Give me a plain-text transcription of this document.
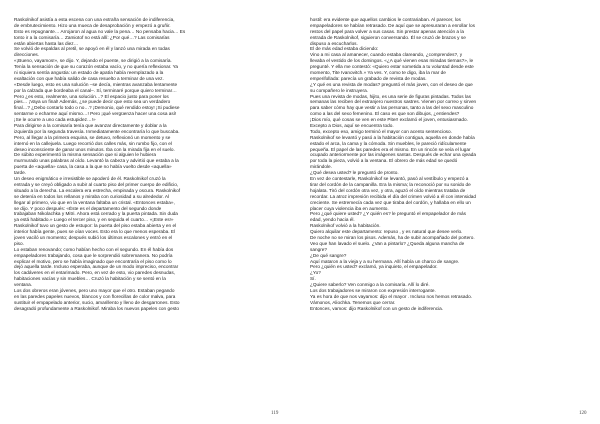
Raskolnikof asistía a esta escena con una extraña sensación de indiferencia,
de embrutecimiento. Hizo una mueca de desaprobación y empezó a gruñir.
Esto es repugnante… Arrojaron al agua no vale la pena… No pensaba hacia… Es
tonto ir a la comisaría… Zamiotof no está allí: ¿Por qué…? Las comisarías
están abiertas hasta las diez…
Se volvió de espaldas al pretil, se apoyó en él y lanzó una mirada en todas
direcciones.
«¡Bueno, vayamos!», se dijo. Y, dejando el puente, se dirigió a la comisaría.
Tenía la sensación de que su corazón estaba vacío, y no quería reflexionar. Ya
ni siquiera sentía angustia: un estado de apatía había reemplazado a la
exaltación con que había salido de casa resuelto a terminar de una vez.
«Desde luego, esto es una solución –se decía, mientras avanzaba lentamente
por la calzada que bordeaba el canal–. Sí, terminaré porque quiero terminar…
Pero ¿es esto, realmente, una solución…? El espacio justo para poner los
pies… ¡Vaya un final! Además, ¿se puede decir que esto sea un verdadero
final…? ¿Debo contarlo todo o no…? ¡Demonio, qué rendido estoy! ¡Si pudiese
sentarme o echarme aquí mismo…! Pero ¡qué vergüenza hacer una cosa así!
¡Se le ocurre a uno cada estupidez…!»
Para dirigirse a la comisaría tenía que avanzar directamente y doblar a la
izquierda por la segunda travesía. Inmediatamente encontraría lo que buscaba.
Pero, al llegar a la primera esquina, se detuvo, reflexionó un momento y se
internó en la callejuela. Luego recorrió dos calles más, sin rumbo fijo, con el
deseo inconsciente de ganar unos minutos. Iba con la mirada fija en el suelo.
De súbito experimentó la misma sensación que si alguien le hubiera
murmurado unas palabras al oído. Levantó la cabeza y advirtió que estaba a la
puerta de «aquella» casa, la casa a la que no había vuelto desde «aquella»
tarde.
Un deseo enigmático e irresistible se apoderó de él. Raskolnikof cruzó la
entrada y se creyó obligado a subir al cuarto piso del primer cuerpo de edificio,
situado a la derecha. La escalera era estrecha, empinada y oscura. Raskolnikof
se detenía en todos los rellanos y miraba con curiosidad a su alrededor. Al
llegar al primero, vio que en la ventana faltaba un cristal. «Entonces estaba»,
se dijo. Y poco después: «Éste es el departamento del segundo donde
trabajaban Nikolachka y Mitri. Ahora está cerrado y la puerta pintada. Sin duda
ya está habitado.» Luego el tercer piso, y en seguida el cuarto… «¡Este es!»
Raskolnikof tuvo un gesto de estupor: la puerta del piso estaba abierta y en el
interior había gente, pues se oían voces. Esto era lo que menos esperaba. El
joven vaciló un momento; después subió los últimos escalones y entró en el
piso.
Lo estaban renovando; como habían hecho con el segundo. En él había dos
empapeladores trabajando, cosa que le sorprendió sobremanera. No podría
explicar el motivo, pero se había imaginado que encontraría el piso como lo
dejó aquella tarde. Incluso esperaba, aunque de un modo impreciso, encontrar
los cadáveres en el entarimado. Pero, en vez de esto, vio paredes desnudas,
habitaciones vacías y sin muebles… Cruzó la habitación y se sentó en la
ventana.
Los dos obreros eran jóvenes, pero uno mayor que el otro. Estaban pegando
en las paredes papeles nuevos, blancos y con florecillas de color malva, para
sustituir el empapelado anterior, sucio, amarillento y lleno de desgarrones. Esto
desagradó profundamente a Raskolnikof. Miraba los nuevos papeles con gesto
119
hostil: era evidente que aquellos cambios le contrariaban. Al parecer, los
empapeladores se habían retrasado. De aquí que se apresuraran a enrollar los
restos del papel para volver a sus casas. Sin prestar apenas atención a la
entrada de Raskolnikof, siguieron conversando. Él se cruzó de brazos y se
dispuso a escucharlos.
El de más edad estaba diciendo:
Vino a mi casa al amanecer, cuando estaba clareando, ¿comprendes?, y
llevaba el vestido de los domingos. «¿A qué vienen esas miradas tiernas?», le
pregunté. Y ella me contestó: «Quiero estar sometida a tu voluntad desde este
momento, Tite Ivanovitch.» Ya ves. Y, como te digo, iba la mar de
emperifollada: parecía un grabado de revista de modas.
¿Y qué es una revista de modas? preguntó el más joven, con el deseo de que
su compañero le instruyera.
Pues una revista de modas, hijito, es una serie de figuras pintadas. Todos las
semanas las reciben del extranjero nuestros sastres. Vienen por correo y sirven
para saber cómo hay que vestir a las personas, tanto a las del sexo masculino
como a las del sexo femenino. El caso es que son dibujos, ¿entiendes?
¡Dios mío, qué cosas se ven en este Piter! exclamó el joven, entusiasmado.
Excepto a Dios, aquí se encuentra todo.
Todo, excepto eso, amigo terminó el mayor con acento sentencioso.
Raskolnikof se levantó y pasó a la habitación contigua, aquella en donde había
estado el arca, la cama y la cómoda. Sin muebles, le pareció ridículamente
pequeña. El papel de las paredes era el mismo. En un rincón se veía el lugar
ocupado anteriormente por las imágenes santas. Después de echar una ojeada
por toda la pieza, volvió a la ventana. El obrero de más edad se quedó
mirándole.
¿Qué desea usted? le preguntó de pronto.
En vez de contestarle, Raskolnikof se levantó, pasó al vestíbulo y empezó a
tirar del cordón de la campanilla. Era la misma; la reconoció por su sonido de
hojalata. Tiró del cordón otra vez, y otra, aguzó el oído mientras trataba de
recordar. La atroz impresión recibida el día del crimen volvió a él con intensidad
creciente. Se estremecía cada vez que tiraba del cordón, y hallaba en ello un
placer cuya violencia iba en aumento.
Pero ¿qué quiere usted? ¿Y quién es? le preguntó el empapelador de más
edad, yendo hacia él.
Raskolnikof volvió a la habitación.
Quiero alquilar este departamento: repuso , y es natural que desee verlo.
De noche no se miran los pisos. Además, ha de subir acompañado del portero.
Veo que han lavado el suelo. ¿Van a pintarlo? ¿Queda alguna mancha de
sangre?
¿De qué sangre?
Aquí mataron a la vieja y a su hermana. Allí había un charco de sangre.
Pero ¿quién es usted? exclamó, ya inquieto, el empapelador.
¿Yo?
Sí.
¿Quiere saberlo? Ven conmigo a la comisaría. Allí lo diré.
Los dos trabajadores se miraron con expresión interrogante.
Ya es hora de que nos vayamos: dijo el mayor . Incluso nos hemos retrasado.
Vámonos, Aliochka. Tenemos que cerrar.
Entonces, vamos: dijo Raskolnikof con un gesto de indiferencia.
120
